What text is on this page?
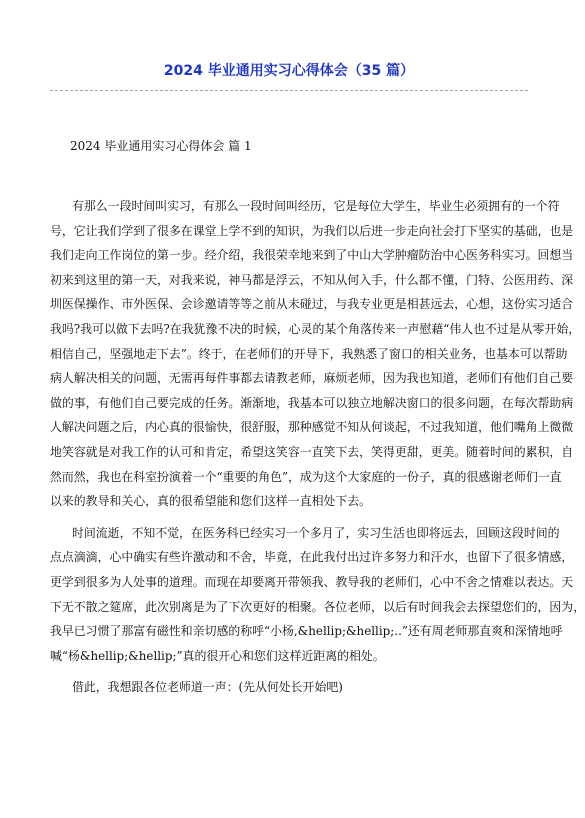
2024 毕业通用实习心得体会（35 篇）

2024 毕业通用实习心得体会 篇 1

有那么一段时间叫实习，有那么一段时间叫经历，它是每位大学生，毕业生必须拥有的一个符

号，它让我们学到了很多在课堂上学不到的知识，为我们以后进一步走向社会打下坚实的基础，也是

我们走向工作岗位的第一步。经介绍，我很荣幸地来到了中山大学肿瘤防治中心医务科实习。回想当

初来到这里的第一天，对我来说，神马都是浮云，不知从何入手，什么都不懂，门特、公医用药、深

圳医保操作、市外医保、会诊邀请等等之前从未碰过，与我专业更是相甚远去，心想，这份实习适合

我吗?我可以做下去吗?在我犹豫不决的时候，心灵的某个角落传来一声慰藉“伟人也不过是从零开始，

相信自己，坚强地走下去”。终于，在老师们的开导下，我熟悉了窗口的相关业务，也基本可以帮助

病人解决相关的问题，无需再每件事都去请教老师，麻烦老师，因为我也知道，老师们有他们自己要

做的事，有他们自己要完成的任务。渐渐地，我基本可以独立地解决窗口的很多问题，在每次帮助病

人解决问题之后，内心真的很愉快，很舒服，那种感觉不知从何谈起，不过我知道，他们嘴角上微微

地笑容就是对我工作的认可和肯定，希望这笑容一直笑下去，笑得更甜，更美。随着时间的累积，自

然而然，我也在科室扮演着一个“重要的角色”，成为这个大家庭的一份子，真的很感谢老师们一直

以来的教导和关心，真的很希望能和您们这样一直相处下去。

时间流逝，不知不觉，在医务科已经实习一个多月了，实习生活也即将远去，回顾这段时间的

点点滴滴，心中确实有些许激动和不舍，毕竟，在此我付出过许多努力和汗水，也留下了很多情感，

更学到很多为人处事的道理。而现在却要离开带领我、教导我的老师们，心中不舍之情难以表达。天

下无不散之筵席，此次别离是为了下次更好的相聚。各位老师，以后有时间我会去探望您们的，因为，

我早已习惯了那富有磁性和亲切感的称呼“小杨,&hellip;&hellip;..”还有周老师那直爽和深情地呼

喊“杨&hellip;&hellip;”真的很开心和您们这样近距离的相处。

借此，我想跟各位老师道一声：(先从何处长开始吧)
